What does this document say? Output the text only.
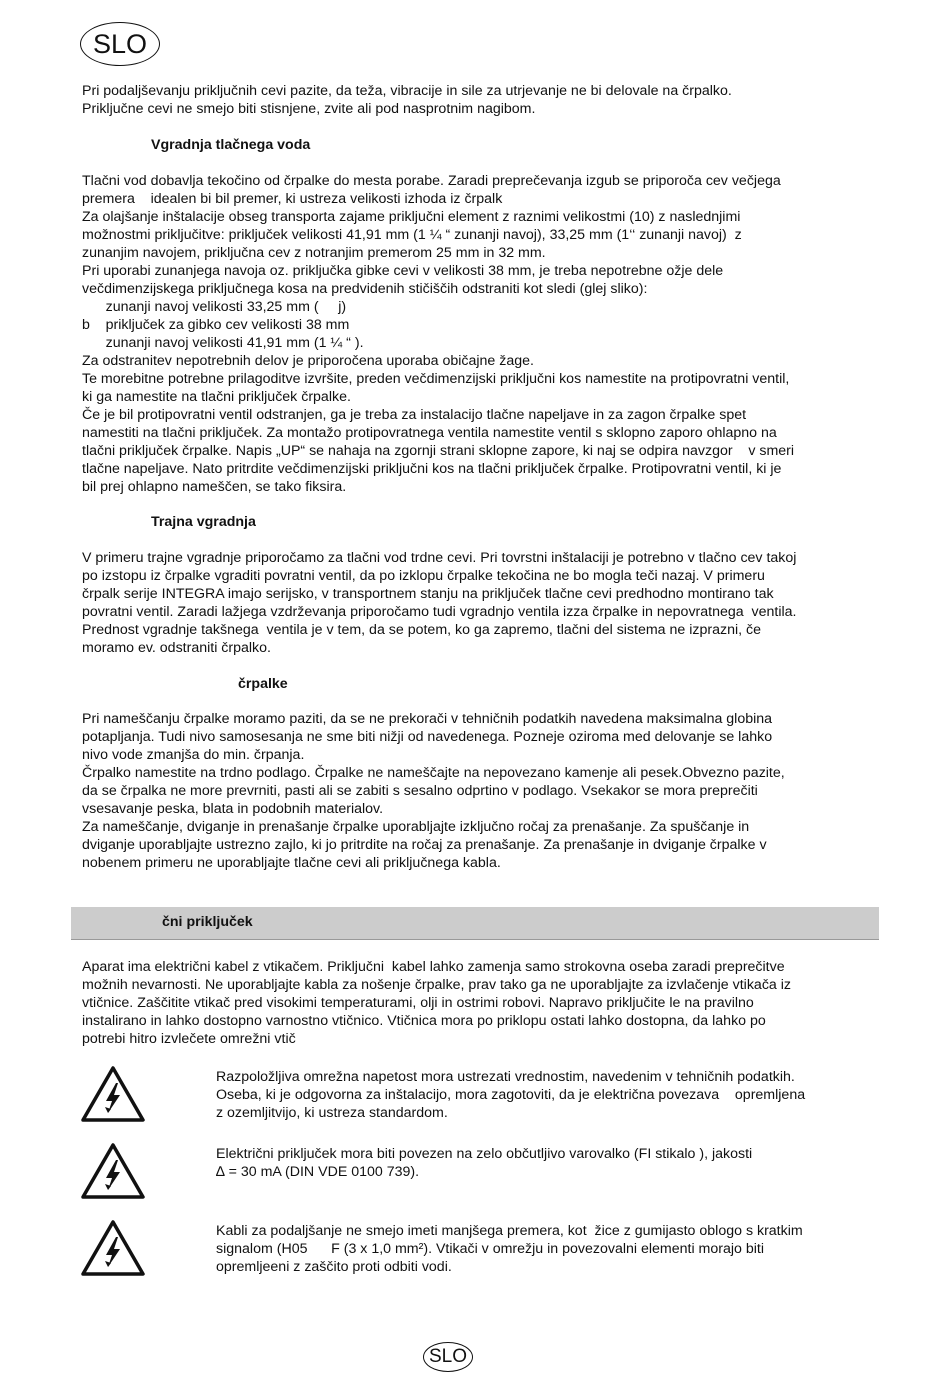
SLO

Pri podaljševanju priključnih cevi pazite, da teža, vibracije in sile za utrjevanje ne bi delovale na črpalko.

Priključne cevi ne smejo biti stisnjene, zvite ali pod nasprotnim nagibom.

Vgradnja tlačnega voda

Tlačni vod dobavlja tekočino od črpalke do mesta porabe. Zaradi preprečevanja izgub se priporoča cev večjega

premera    idealen bi bil premer, ki ustreza velikosti izhoda iz črpalk

Za olajšanje inštalacije obseg transporta zajame priključni element z raznimi velikostmi (10) z naslednjimi

možnostmi priključitve: priključek velikosti 41,91 mm (1 ¼ “ zunanji navoj), 33,25 mm (1‘‘ zunanji navoj)  z

zunanjim navojem, priključna cev z notranjim premerom 25 mm in 32 mm.

Pri uporabi zunanjega navoja oz. priključka gibke cevi v velikosti 38 mm, je treba nepotrebne ožje dele

večdimenzijskega priključnega kosa na predvidenih stičiščih odstraniti kot sledi (glej sliko):

zunanji navoj velikosti 33,25 mm (     j)

b    priključek za gibko cev velikosti 38 mm

zunanji navoj velikosti 41,91 mm (1 ¼ “ ).

Za odstranitev nepotrebnih delov je priporočena uporaba običajne žage.

Te morebitne potrebne prilagoditve izvršite, preden večdimenzijski priključni kos namestite na protipovratni ventil,

ki ga namestite na tlačni priključek črpalke.

Če je bil protipovratni ventil odstranjen, ga je treba za instalacijo tlačne napeljave in za zagon črpalke spet

namestiti na tlačni priključek. Za montažo protipovratnega ventila namestite ventil s sklopno zaporo ohlapno na

tlačni priključek črpalke. Napis „UP“ se nahaja na zgornji strani sklopne zapore, ki naj se odpira navzgor    v smeri

tlačne napeljave. Nato pritrdite večdimenzijski priključni kos na tlačni priključek črpalke. Protipovratni ventil, ki je

bil prej ohlapno nameščen, se tako fiksira.

Trajna vgradnja

V primeru trajne vgradnje priporočamo za tlačni vod trdne cevi. Pri tovrstni inštalaciji je potrebno v tlačno cev takoj

po izstopu iz črpalke vgraditi povratni ventil, da po izklopu črpalke tekočina ne bo mogla teči nazaj. V primeru

črpalk serije INTEGRA imajo serijsko, v transportnem stanju na priključek tlačne cevi predhodno montirano tak

povratni ventil. Zaradi lažjega vzdrževanja priporočamo tudi vgradnjo ventila izza črpalke in nepovratnega  ventila.

Prednost vgradnje takšnega  ventila je v tem, da se potem, ko ga zapremo, tlačni del sistema ne izprazni, če

moramo ev. odstraniti črpalko.

črpalke

Pri nameščanju črpalke moramo paziti, da se ne prekorači v tehničnih podatkih navedena maksimalna globina

potapljanja. Tudi nivo samosesanja ne sme biti nižji od navedenega. Pozneje oziroma med delovanje se lahko

nivo vode zmanjša do min. črpanja.

Črpalko namestite na trdno podlago. Črpalke ne nameščajte na nepovezano kamenje ali pesek.Obvezno pazite,

da se črpalka ne more prevrniti, pasti ali se zabiti s sesalno odprtino v podlago. Vsekakor se mora preprečiti

vsesavanje peska, blata in podobnih materialov.

Za nameščanje, dviganje in prenašanje črpalke uporabljajte izključno ročaj za prenašanje. Za spuščanje in

dviganje uporabljajte ustrezno zajlo, ki jo pritrdite na ročaj za prenašanje. Za prenašanje in dviganje črpalke v

nobenem primeru ne uporabljajte tlačne cevi ali priključnega kabla.

čni priključek

Aparat ima električni kabel z vtikačem. Priključni  kabel lahko zamenja samo strokovna oseba zaradi preprečitve

možnih nevarnosti. Ne uporabljajte kabla za nošenje črpalke, prav tako ga ne uporabljajte za izvlačenje vtikača iz

vtičnice. Zaščitite vtikač pred visokimi temperaturami, olji in ostrimi robovi. Napravo priključite le na pravilno

instalirano in lahko dostopno varnostno vtičnico. Vtičnica mora po priklopu ostati lahko dostopna, da lahko po

potrebi hitro izvlečete omrežni vtič

Razpoložljiva omrežna napetost mora ustrezati vrednostim, navedenim v tehničnih podatkih.

Oseba, ki je odgovorna za inštalacijo, mora zagotoviti, da je električna povezava    opremljena

z ozemljitvijo, ki ustreza standardom.

Električni priključek mora biti povezen na zelo občutljivo varovalko (FI stikalo ), jakosti

∆ = 30 mA (DIN VDE 0100 739).

Kabli za podaljšanje ne smejo imeti manjšega premera, kot  žice z gumijasto oblogo s kratkim

signalom (H05      F (3 x 1,0 mm²). Vtikači v omrežju in povezovalni elementi morajo biti

opremljeeni z zaščito proti odbiti vodi.

SLO
